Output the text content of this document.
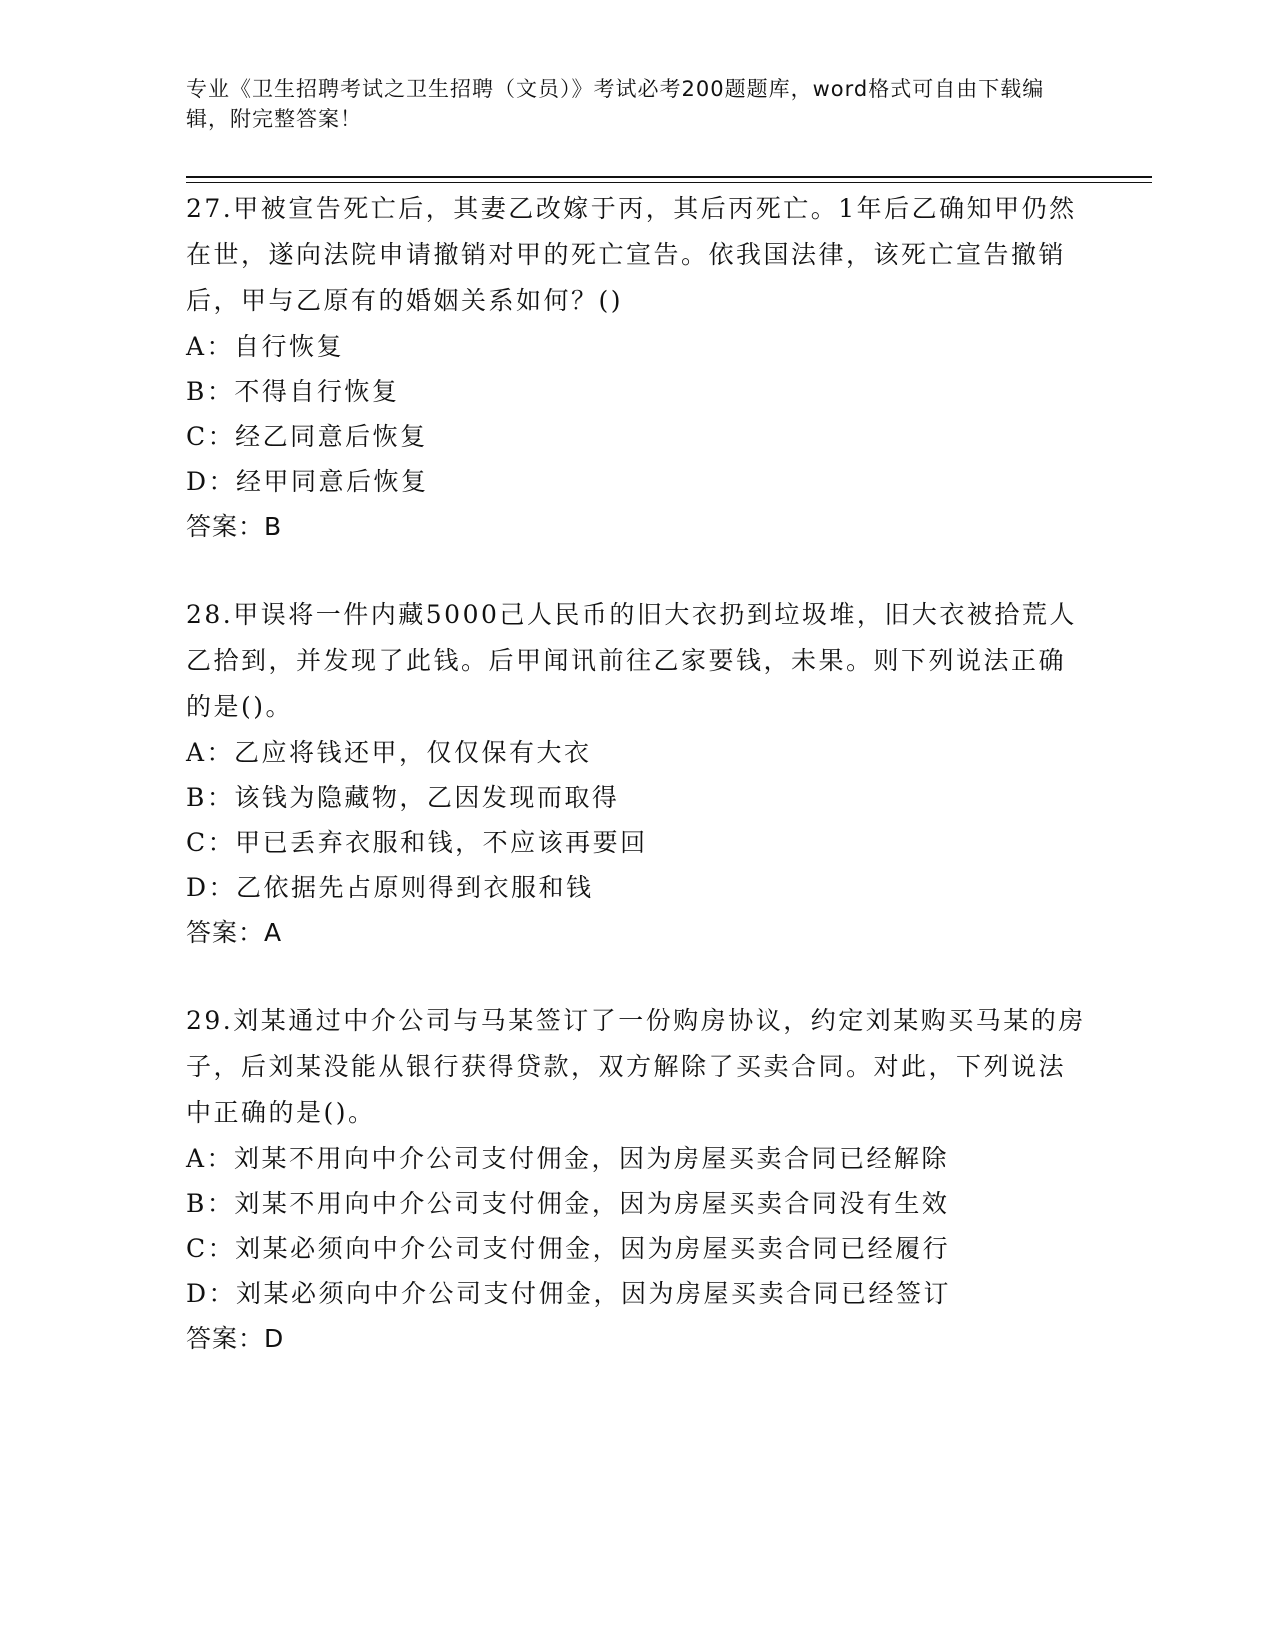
专业《卫生招聘考试之卫生招聘（文员）》考试必考200题题库，word格式可自由下载编辑，附完整答案！

27.甲被宣告死亡后，其妻乙改嫁于丙，其后丙死亡。1年后乙确知甲仍然在世，遂向法院申请撤销对甲的死亡宣告。依我国法律，该死亡宣告撤销后，甲与乙原有的婚姻关系如何？()

A：自行恢复

B：不得自行恢复

C：经乙同意后恢复

D：经甲同意后恢复

答案：B

28.甲误将一件内藏5000己人民币的旧大衣扔到垃圾堆，旧大衣被拾荒人乙拾到，并发现了此钱。后甲闻讯前往乙家要钱，未果。则下列说法正确的是()。

A：乙应将钱还甲，仅仅保有大衣

B：该钱为隐藏物，乙因发现而取得

C：甲已丢弃衣服和钱，不应该再要回

D：乙依据先占原则得到衣服和钱

答案：A

29.刘某通过中介公司与马某签订了一份购房协议，约定刘某购买马某的房子，后刘某没能从银行获得贷款，双方解除了买卖合同。对此，下列说法中正确的是()。

A：刘某不用向中介公司支付佣金，因为房屋买卖合同已经解除

B：刘某不用向中介公司支付佣金，因为房屋买卖合同没有生效

C：刘某必须向中介公司支付佣金，因为房屋买卖合同已经履行

D：刘某必须向中介公司支付佣金，因为房屋买卖合同已经签订

答案：D
